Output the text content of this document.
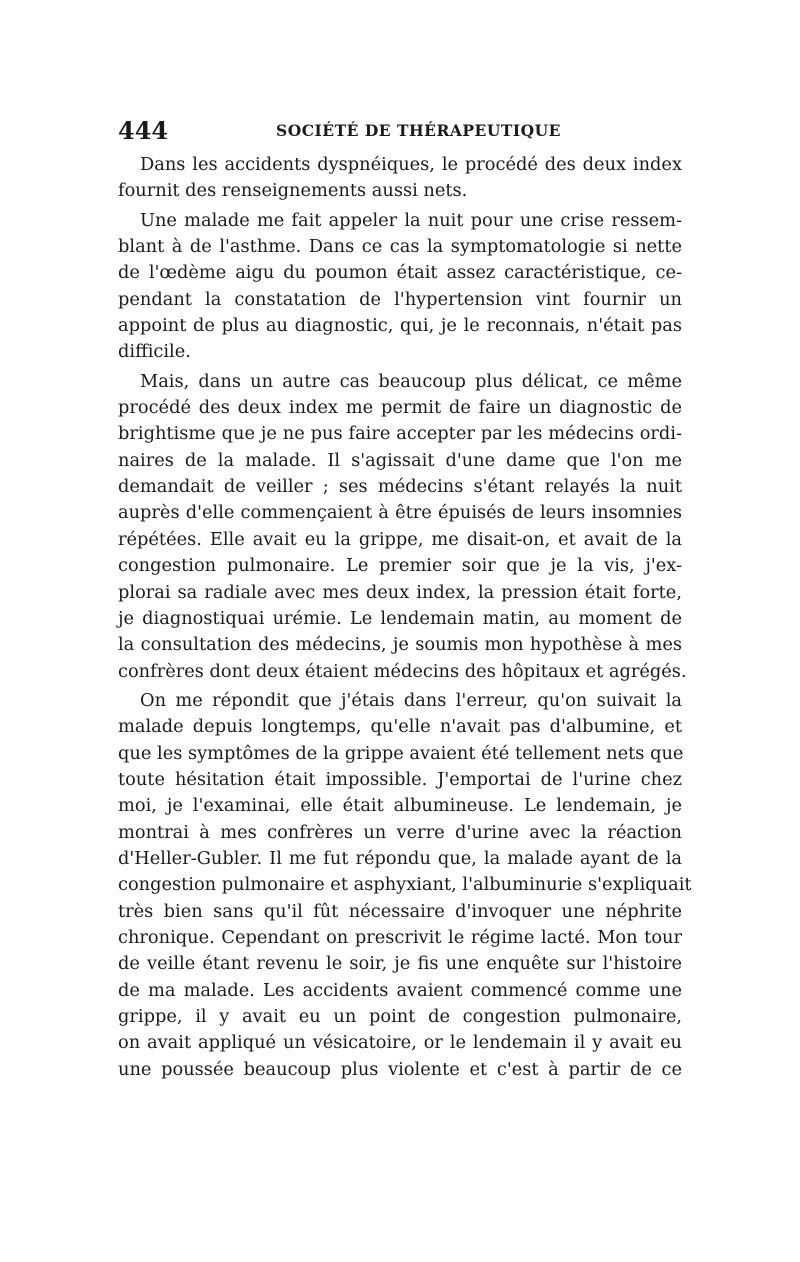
444	SOCIÉTÉ DE THÉRAPEUTIQUE
Dans les accidents dyspnéiques, le procédé des deux index
fournit des renseignements aussi nets.
Une malade me fait appeler la nuit pour une crise ressem-
blant à de l'asthme. Dans ce cas la symptomatologie si nette
de l'œdème aigu du poumon était assez caractéristique, ce-
pendant la constatation de l'hypertension vint fournir un
appoint de plus au diagnostic, qui, je le reconnais, n'était pas
difficile.
Mais, dans un autre cas beaucoup plus délicat, ce même
procédé des deux index me permit de faire un diagnostic de
brightisme que je ne pus faire accepter par les médecins ordi-
naires de la malade. Il s'agissait d'une dame que l'on me
demandait de veiller ; ses médecins s'étant relayés la nuit
auprès d'elle commençaient à être épuisés de leurs insomnies
répétées. Elle avait eu la grippe, me disait-on, et avait de la
congestion pulmonaire. Le premier soir que je la vis, j'ex-
plorai sa radiale avec mes deux index, la pression était forte,
je diagnostiquai urémie. Le lendemain matin, au moment de
la consultation des médecins, je soumis mon hypothèse à mes
confrères dont deux étaient médecins des hôpitaux et agrégés.
On me répondit que j'étais dans l'erreur, qu'on suivait la
malade depuis longtemps, qu'elle n'avait pas d'albumine, et
que les symptômes de la grippe avaient été tellement nets que
toute hésitation était impossible. J'emportai de l'urine chez
moi, je l'examinai, elle était albumineuse. Le lendemain, je
montrai à mes confrères un verre d'urine avec la réaction
d'Heller-Gubler. Il me fut répondu que, la malade ayant de la
congestion pulmonaire et asphyxiant, l'albuminurie s'expliquait
très bien sans qu'il fût nécessaire d'invoquer une néphrite
chronique. Cependant on prescrivit le régime lacté. Mon tour
de veille étant revenu le soir, je fis une enquête sur l'histoire
de ma malade. Les accidents avaient commencé comme une
grippe, il y avait eu un point de congestion pulmonaire,
on avait appliqué un vésicatoire, or le lendemain il y avait eu
une poussée beaucoup plus violente et c'est à partir de ce
